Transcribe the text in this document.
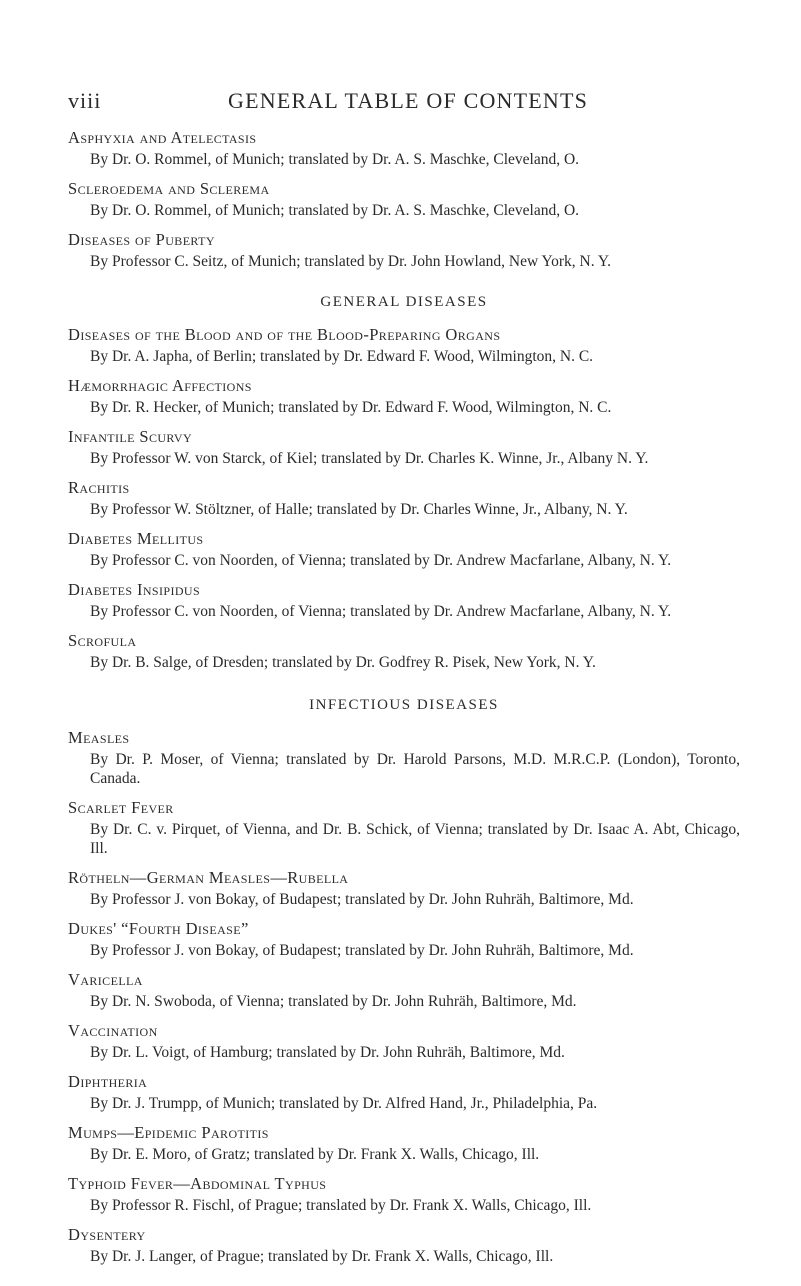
viii	GENERAL TABLE OF CONTENTS

Asphyxia and Atelectasis

By Dr. O. Rommel, of Munich; translated by Dr. A. S. Maschke, Cleveland, O.

Scleroedema and Sclerema

By Dr. O. Rommel, of Munich; translated by Dr. A. S. Maschke, Cleveland, O.

Diseases of Puberty

By Professor C. Seitz, of Munich; translated by Dr. John Howland, New York, N. Y.

GENERAL DISEASES

Diseases of the Blood and of the Blood-Preparing Organs

By Dr. A. Japha, of Berlin; translated by Dr. Edward F. Wood, Wilmington, N. C.

Hæmorrhagic Affections

By Dr. R. Hecker, of Munich; translated by Dr. Edward F. Wood, Wilmington, N. C.

Infantile Scurvy

By Professor W. von Starck, of Kiel; translated by Dr. Charles K. Winne, Jr., Albany N. Y.

Rachitis

By Professor W. Stöltzner, of Halle; translated by Dr. Charles Winne, Jr., Albany, N. Y.

Diabetes Mellitus

By Professor C. von Noorden, of Vienna; translated by Dr. Andrew Macfarlane, Albany, N. Y.

Diabetes Insipidus

By Professor C. von Noorden, of Vienna; translated by Dr. Andrew Macfarlane, Albany, N. Y.

Scrofula

By Dr. B. Salge, of Dresden; translated by Dr. Godfrey R. Pisek, New York, N. Y.

INFECTIOUS DISEASES

Measles

By Dr. P. Moser, of Vienna; translated by Dr. Harold Parsons, M.D. M.R.C.P. (London), Toronto, Canada.

Scarlet Fever

By Dr. C. v. Pirquet, of Vienna, and Dr. B. Schick, of Vienna; translated by Dr. Isaac A. Abt, Chicago, Ill.

Rötheln—German Measles—Rubella

By Professor J. von Bokay, of Budapest; translated by Dr. John Ruhräh, Baltimore, Md.

Dukes' “Fourth Disease”

By Professor J. von Bokay, of Budapest; translated by Dr. John Ruhräh, Baltimore, Md.

Varicella

By Dr. N. Swoboda, of Vienna; translated by Dr. John Ruhräh, Baltimore, Md.

Vaccination

By Dr. L. Voigt, of Hamburg; translated by Dr. John Ruhräh, Baltimore, Md.

Diphtheria

By Dr. J. Trumpp, of Munich; translated by Dr. Alfred Hand, Jr., Philadelphia, Pa.

Mumps—Epidemic Parotitis

By Dr. E. Moro, of Gratz; translated by Dr. Frank X. Walls, Chicago, Ill.

Typhoid Fever—Abdominal Typhus

By Professor R. Fischl, of Prague; translated by Dr. Frank X. Walls, Chicago, Ill.

Dysentery

By Dr. J. Langer, of Prague; translated by Dr. Frank X. Walls, Chicago, Ill.
